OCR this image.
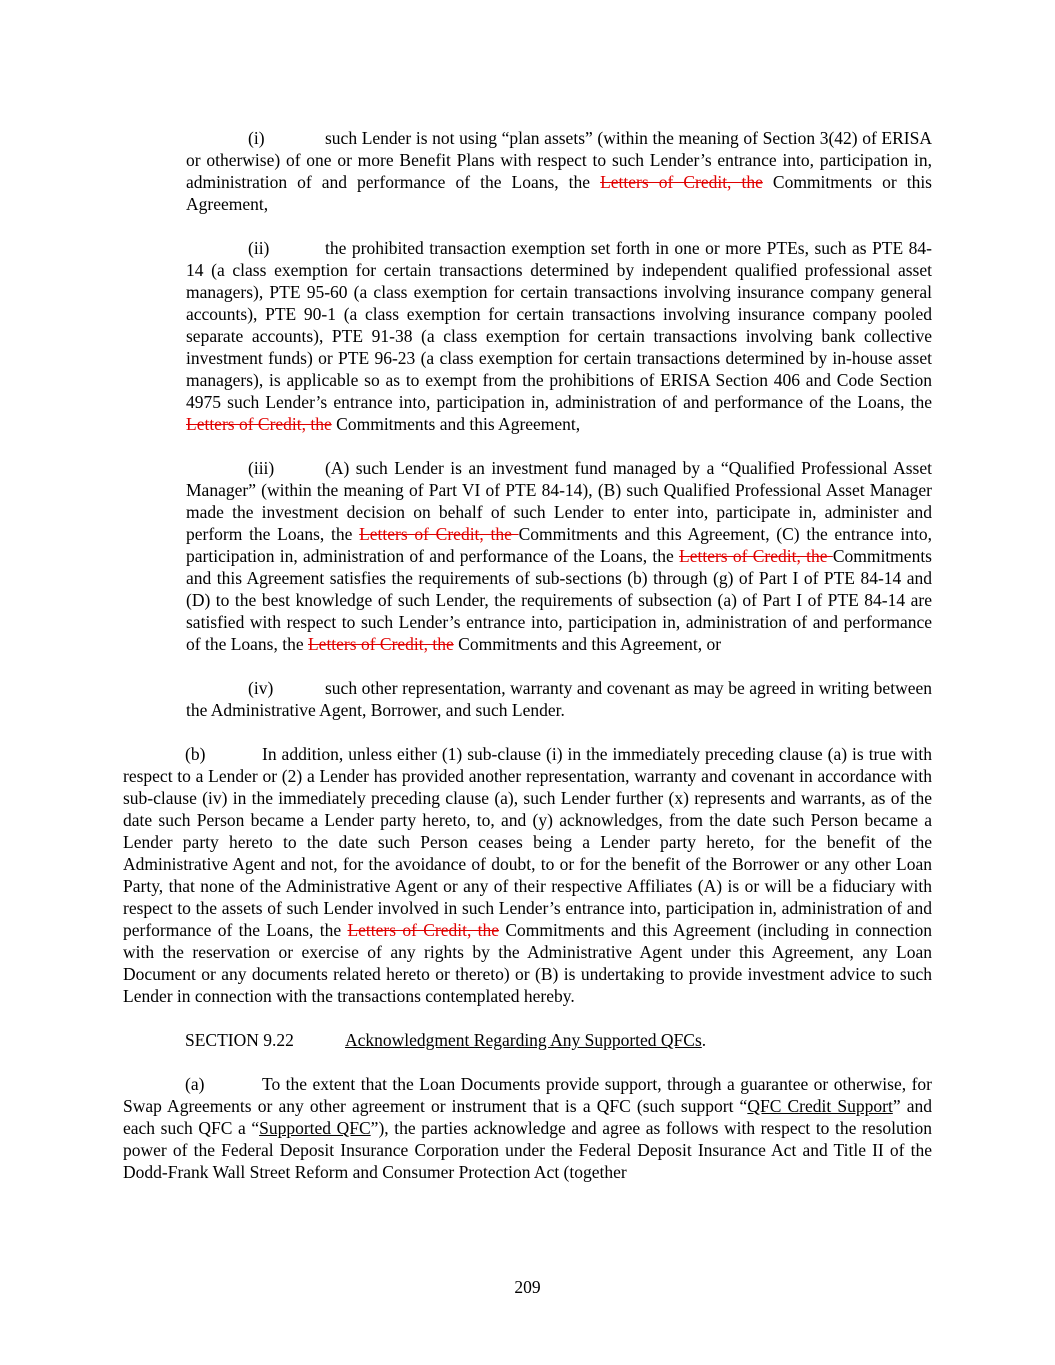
(i)	such Lender is not using “plan assets” (within the meaning of Section 3(42) of ERISA or otherwise) of one or more Benefit Plans with respect to such Lender’s entrance into, participation in, administration of and performance of the Loans, the Letters of Credit, the Commitments or this Agreement,

(ii)	the prohibited transaction exemption set forth in one or more PTEs, such as PTE 84-14 (a class exemption for certain transactions determined by independent qualified professional asset managers), PTE 95-60 (a class exemption for certain transactions involving insurance company general accounts), PTE 90-1 (a class exemption for certain transactions involving insurance company pooled separate accounts), PTE 91-38 (a class exemption for certain transactions involving bank collective investment funds) or PTE 96-23 (a class exemption for certain transactions determined by in-house asset managers), is applicable so as to exempt from the prohibitions of ERISA Section 406 and Code Section 4975 such Lender’s entrance into, participation in, administration of and performance of the Loans, the Letters of Credit, the Commitments and this Agreement,

(iii)	(A) such Lender is an investment fund managed by a “Qualified Professional Asset Manager” (within the meaning of Part VI of PTE 84-14), (B) such Qualified Professional Asset Manager made the investment decision on behalf of such Lender to enter into, participate in, administer and perform the Loans, the Letters of Credit, the Commitments and this Agreement, (C) the entrance into, participation in, administration of and performance of the Loans, the Letters of Credit, the Commitments and this Agreement satisfies the requirements of sub-sections (b) through (g) of Part I of PTE 84-14 and (D) to the best knowledge of such Lender, the requirements of subsection (a) of Part I of PTE 84-14 are satisfied with respect to such Lender’s entrance into, participation in, administration of and performance of the Loans, the Letters of Credit, the Commitments and this Agreement, or

(iv)	such other representation, warranty and covenant as may be agreed in writing between the Administrative Agent, Borrower, and such Lender.

(b)	In addition, unless either (1) sub-clause (i) in the immediately preceding clause (a) is true with respect to a Lender or (2) a Lender has provided another representation, warranty and covenant in accordance with sub-clause (iv) in the immediately preceding clause (a), such Lender further (x) represents and warrants, as of the date such Person became a Lender party hereto, to, and (y) acknowledges, from the date such Person became a Lender party hereto to the date such Person ceases being a Lender party hereto, for the benefit of the Administrative Agent and not, for the avoidance of doubt, to or for the benefit of the Borrower or any other Loan Party, that none of the Administrative Agent or any of their respective Affiliates (A) is or will be a fiduciary with respect to the assets of such Lender involved in such Lender’s entrance into, participation in, administration of and performance of the Loans, the Letters of Credit, the Commitments and this Agreement (including in connection with the reservation or exercise of any rights by the Administrative Agent under this Agreement, any Loan Document or any documents related hereto or thereto) or (B) is undertaking to provide investment advice to such Lender in connection with the transactions contemplated hereby.

SECTION 9.22	Acknowledgment Regarding Any Supported QFCs.

(a)	To the extent that the Loan Documents provide support, through a guarantee or otherwise, for Swap Agreements or any other agreement or instrument that is a QFC (such support “QFC Credit Support” and each such QFC a “Supported QFC”), the parties acknowledge and agree as follows with respect to the resolution power of the Federal Deposit Insurance Corporation under the Federal Deposit Insurance Act and Title II of the Dodd-Frank Wall Street Reform and Consumer Protection Act (together

209
